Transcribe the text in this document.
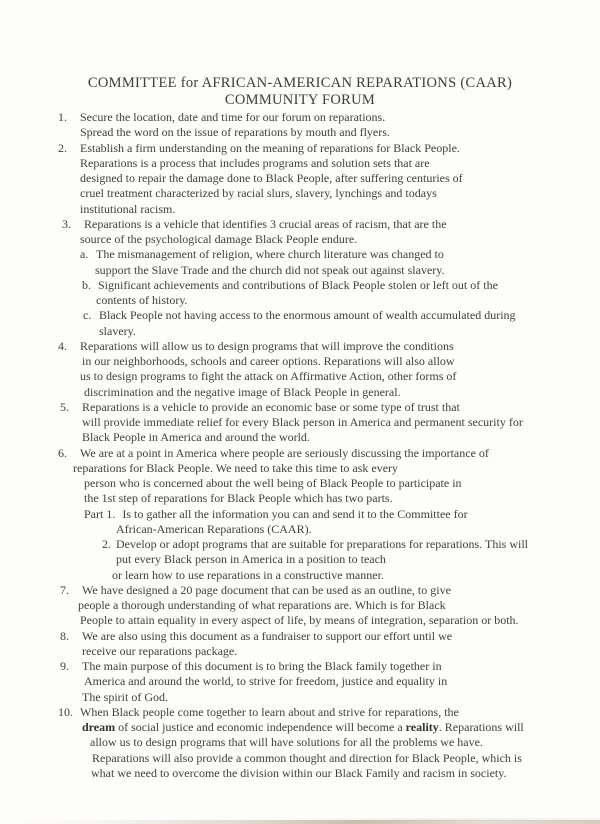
COMMITTEE for AFRICAN-AMERICAN REPARATIONS (CAAR)
COMMUNITY FORUM
1. Secure the location, date and time for our forum on reparations.
Spread the word on the issue of reparations by mouth and flyers.
2. Establish a firm understanding on the meaning of reparations for Black People.
Reparations is a process that includes programs and solution sets that are
designed to repair the damage done to Black People, after suffering centuries of
cruel treatment characterized by racial slurs, slavery, lynchings and todays
institutional racism.
3. Reparations is a vehicle that identifies 3 crucial areas of racism, that are the
source of the psychological damage Black People endure.
a. The mismanagement of religion, where church literature was changed to
support the Slave Trade and the church did not speak out against slavery.
b. Significant achievements and contributions of Black People stolen or left out of the
contents of history.
c. Black People not having access to the enormous amount of wealth accumulated during
slavery.
4. Reparations will allow us to design programs that will improve the conditions
in our neighborhoods, schools and career options. Reparations will also allow
us to design programs to fight the attack on Affirmative Action, other forms of
discrimination and the negative image of Black People in general.
5. Reparations is a vehicle to provide an economic base or some type of trust that
will provide immediate relief for every Black person in America and permanent security for
Black People in America and around the world.
6. We are at a point in America where people are seriously discussing the importance of
reparations for Black People. We need to take this time to ask every
person who is concerned about the well being of Black People to participate in
the 1st step of reparations for Black People which has two parts.
Part 1. Is to gather all the information you can and send it to the Committee for
African-American Reparations (CAAR).
2. Develop or adopt programs that are suitable for preparations for reparations. This will
put every Black person in America in a position to teach
or learn how to use reparations in a constructive manner.
7. We have designed a 20 page document that can be used as an outline, to give
people a thorough understanding of what reparations are. Which is for Black
People to attain equality in every aspect of life, by means of integration, separation or both.
8. We are also using this document as a fundraiser to support our effort until we
receive our reparations package.
9. The main purpose of this document is to bring the Black family together in
America and around the world, to strive for freedom, justice and equality in
The spirit of God.
10. When Black people come together to learn about and strive for reparations, the
dream of social justice and economic independence will become a reality. Reparations will
allow us to design programs that will have solutions for all the problems we have.
Reparations will also provide a common thought and direction for Black People, which is
what we need to overcome the division within our Black Family and racism in society.
